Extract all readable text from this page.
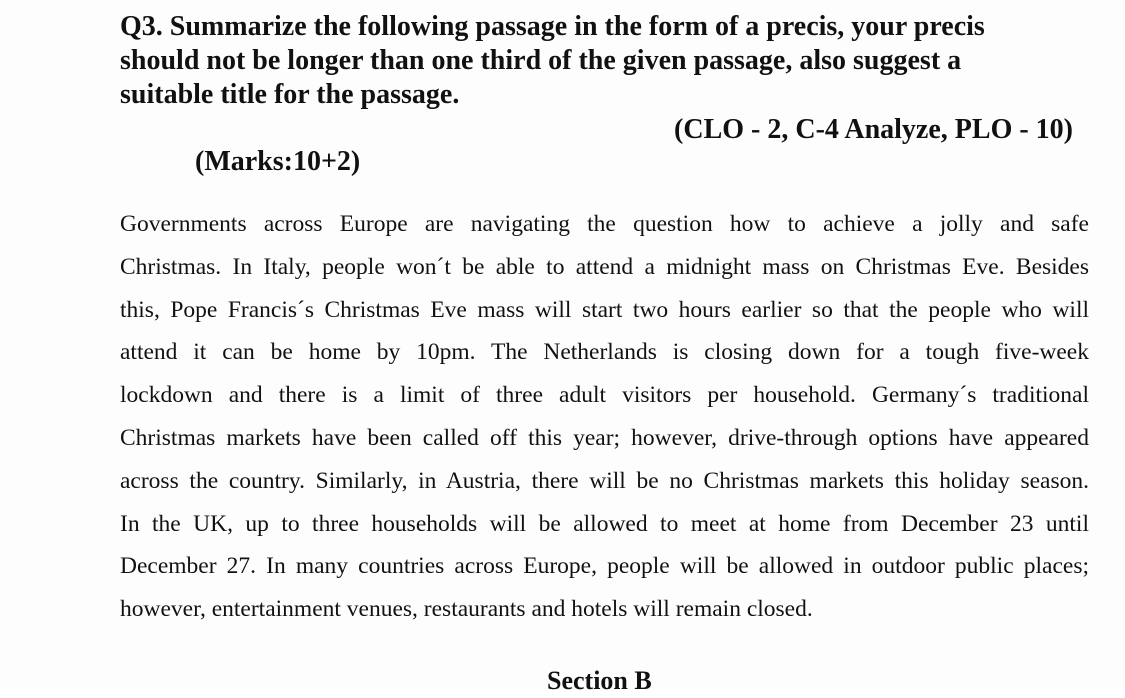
Q3. Summarize the following passage in the form of a precis, your precis should not be longer than one third of the given passage, also suggest a suitable title for the passage.

(CLO - 2, C-4 Analyze, PLO - 10)

(Marks:10+2)

Governments across Europe are navigating the question how to achieve a jolly and safe
Christmas. In Italy, people won´t be able to attend a midnight mass on Christmas Eve. Besides
this, Pope Francis´s Christmas Eve mass will start two hours earlier so that the people who will
attend it can be home by 10pm. The Netherlands is closing down for a tough five-week
lockdown and there is a limit of three adult visitors per household. Germany´s traditional
Christmas markets have been called off this year; however, drive-through options have appeared
across the country. Similarly, in Austria, there will be no Christmas markets this holiday season.
In the UK, up to three households will be allowed to meet at home from December 23 until
December 27. In many countries across Europe, people will be allowed in outdoor public places;
however, entertainment venues, restaurants and hotels will remain closed.

Section B
